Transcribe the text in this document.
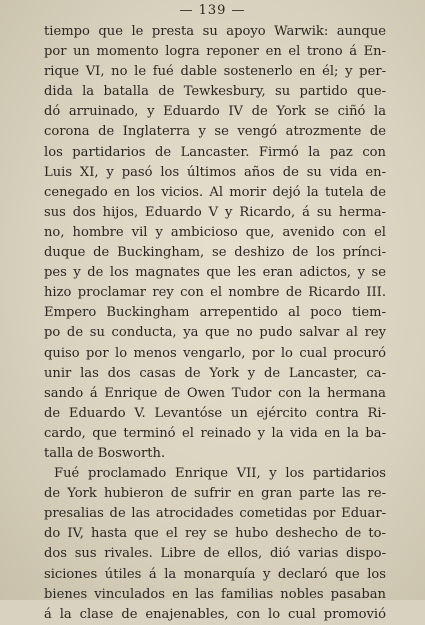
— 139 —
tiempo que le presta su apoyo Warwik: aunque
por un momento logra reponer en el trono á En-
rique VI, no le fué dable sostenerlo en él; y per-
dida la batalla de Tewkesbury, su partido que-
dó arruinado, y Eduardo IV de York se ciñó la
corona de Inglaterra y se vengó atrozmente de
los partidarios de Lancaster. Firmó la paz con
Luis XI, y pasó los últimos años de su vida en-
cenegado en los vicios. Al morir dejó la tutela de
sus dos hijos, Eduardo V y Ricardo, á su herma-
no, hombre vil y ambicioso que, avenido con el
duque de Buckingham, se deshizo de los prínci-
pes y de los magnates que les eran adictos, y se
hizo proclamar rey con el nombre de Ricardo III.
Empero Buckingham arrepentido al poco tiem-
po de su conducta, ya que no pudo salvar al rey
quiso por lo menos vengarlo, por lo cual procuró
unir las dos casas de York y de Lancaster, ca-
sando á Enrique de Owen Tudor con la hermana
de Eduardo V. Levantóse un ejército contra Ri-
cardo, que terminó el reinado y la vida en la ba-
talla de Bosworth.
Fué proclamado Enrique VII, y los partidarios
de York hubieron de sufrir en gran parte las re-
presalias de las atrocidades cometidas por Eduar-
do IV, hasta que el rey se hubo deshecho de to-
dos sus rivales. Libre de ellos, dió varias dispo-
siciones útiles á la monarquía y declaró que los
bienes vinculados en las familias nobles pasaban
á la clase de enajenables, con lo cual promovió
